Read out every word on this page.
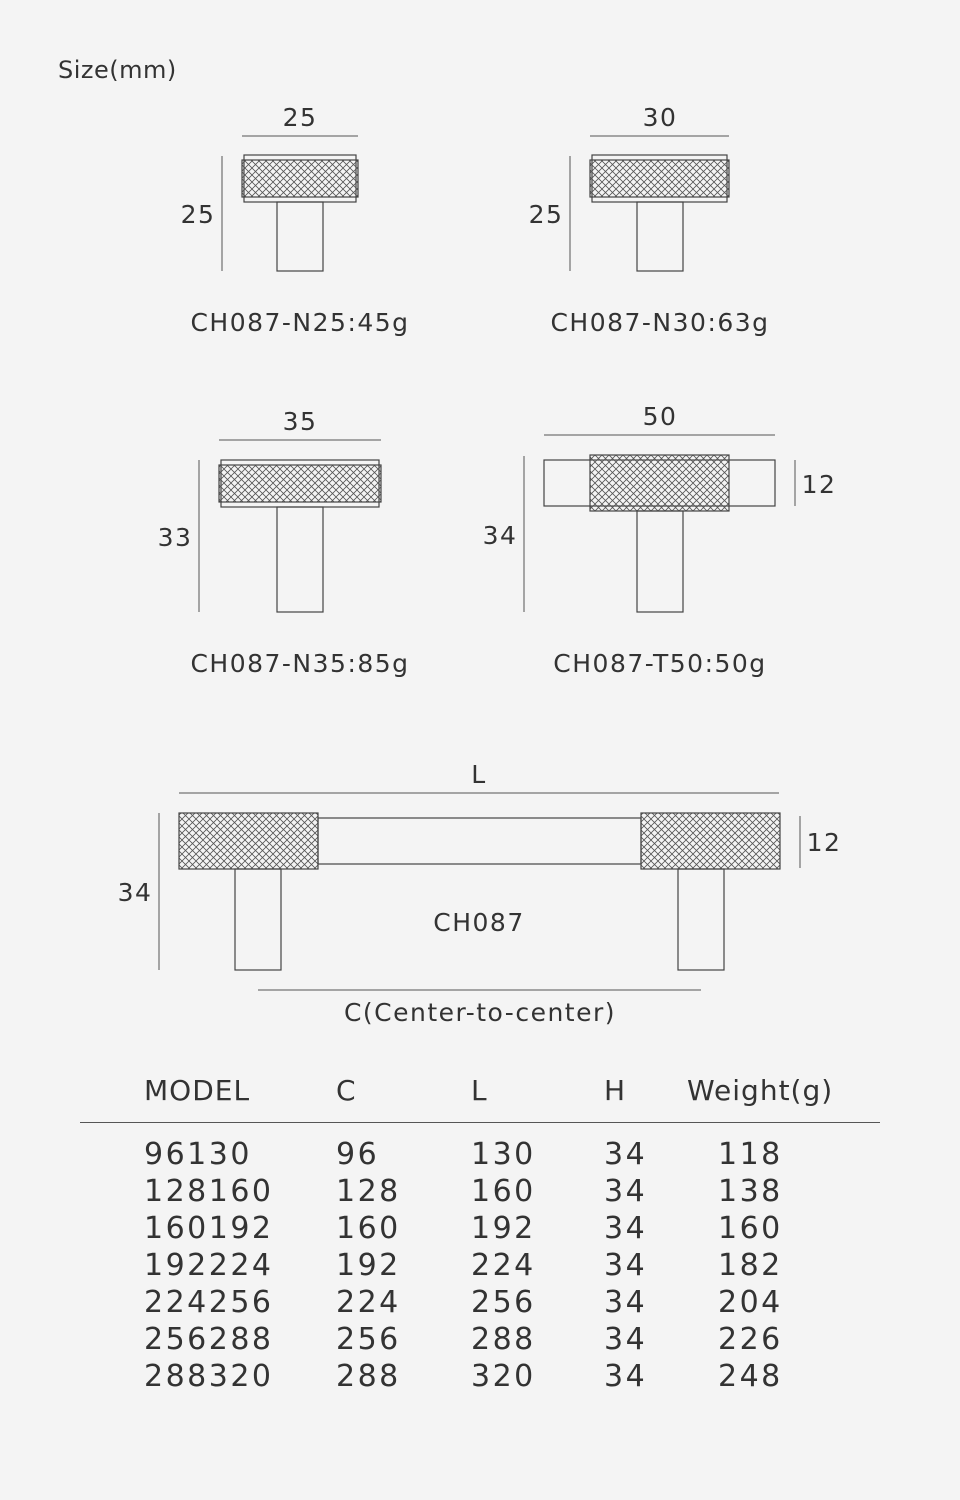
Size(mm)
25
25
CH087-N25:45g
30
25
CH087-N30:63g
35
33
CH087-N35:85g
50
34
12
CH087-T50:50g
L
34
12
CH087
C(Center-to-center)
MODEL	C	L	H Weight(g)
96130	96	130 34 118
128160 128 160 34 138
160192 160 192 34 160
192224 192 224 34 182
224256 224 256 34 204
256288 256 288 34 226
288320 288 320 34 248
